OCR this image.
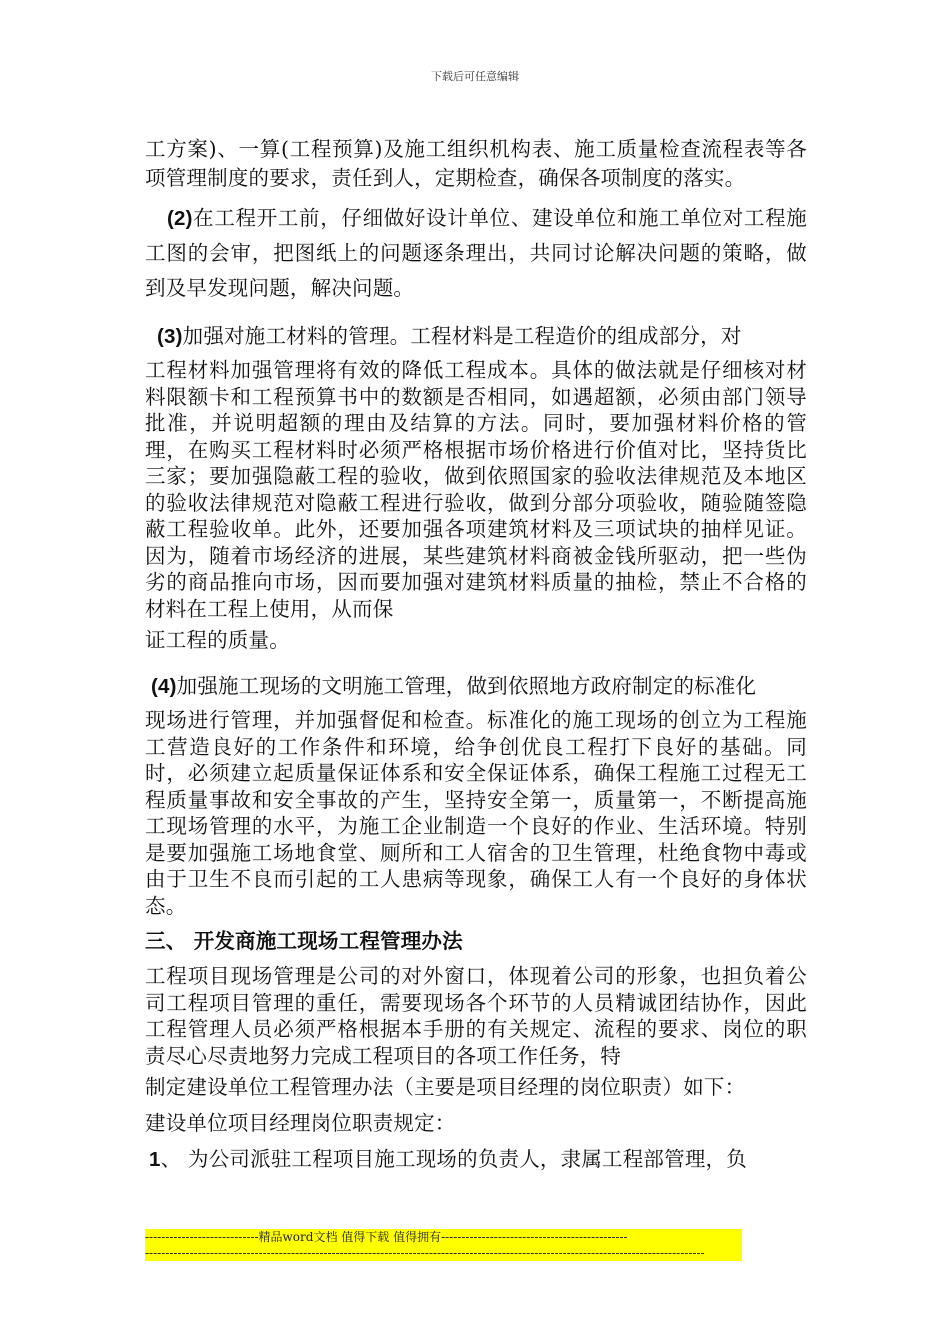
下载后可任意编辑

工方案)、一算(工程预算)及施工组织机构表、施工质量检查流程表等各项管理制度的要求，责任到人，定期检查，确保各项制度的落实。

(2)在工程开工前，仔细做好设计单位、建设单位和施工单位对工程施工图的会审，把图纸上的问题逐条理出，共同讨论解决问题的策略，做到及早发现问题，解决问题。

(3)加强对施工材料的管理。工程材料是工程造价的组成部分，对

工程材料加强管理将有效的降低工程成本。具体的做法就是仔细核对材料限额卡和工程预算书中的数额是否相同，如遇超额，必须由部门领导批准，并说明超额的理由及结算的方法。同时，要加强材料价格的管理，在购买工程材料时必须严格根据市场价格进行价值对比，坚持货比三家；要加强隐蔽工程的验收，做到依照国家的验收法律规范及本地区的验收法律规范对隐蔽工程进行验收，做到分部分项验收，随验随签隐蔽工程验收单。此外，还要加强各项建筑材料及三项试块的抽样见证。因为，随着市场经济的进展，某些建筑材料商被金钱所驱动，把一些伪劣的商品推向市场，因而要加强对建筑材料质量的抽检，禁止不合格的材料在工程上使用，从而保

证工程的质量。

(4)加强施工现场的文明施工管理，做到依照地方政府制定的标准化

现场进行管理，并加强督促和检查。标准化的施工现场的创立为工程施工营造良好的工作条件和环境，给争创优良工程打下良好的基础。同时，必须建立起质量保证体系和安全保证体系，确保工程施工过程无工程质量事故和安全事故的产生，坚持安全第一，质量第一，不断提高施工现场管理的水平，为施工企业制造一个良好的作业、生活环境。特别是要加强施工场地食堂、厕所和工人宿舍的卫生管理，杜绝食物中毒或由于卫生不良而引起的工人患病等现象，确保工人有一个良好的身体状态。

三、 开发商施工现场工程管理办法

工程项目现场管理是公司的对外窗口，体现着公司的形象，也担负着公司工程项目管理的重任，需要现场各个环节的人员精诚团结协作，因此工程管理人员必须严格根据本手册的有关规定、流程的要求、岗位的职责尽心尽责地努力完成工程项目的各项工作任务，特

制定建设单位工程管理办法（主要是项目经理的岗位职责）如下：

建设单位项目经理岗位职责规定：

1、 为公司派驻工程项目施工现场的负责人，隶属工程部管理，负

----------------------------精品word文档 值得下载 值得拥有----------------------------------------------
------------------------------------------------------------------------------------------------------------------------------------------
